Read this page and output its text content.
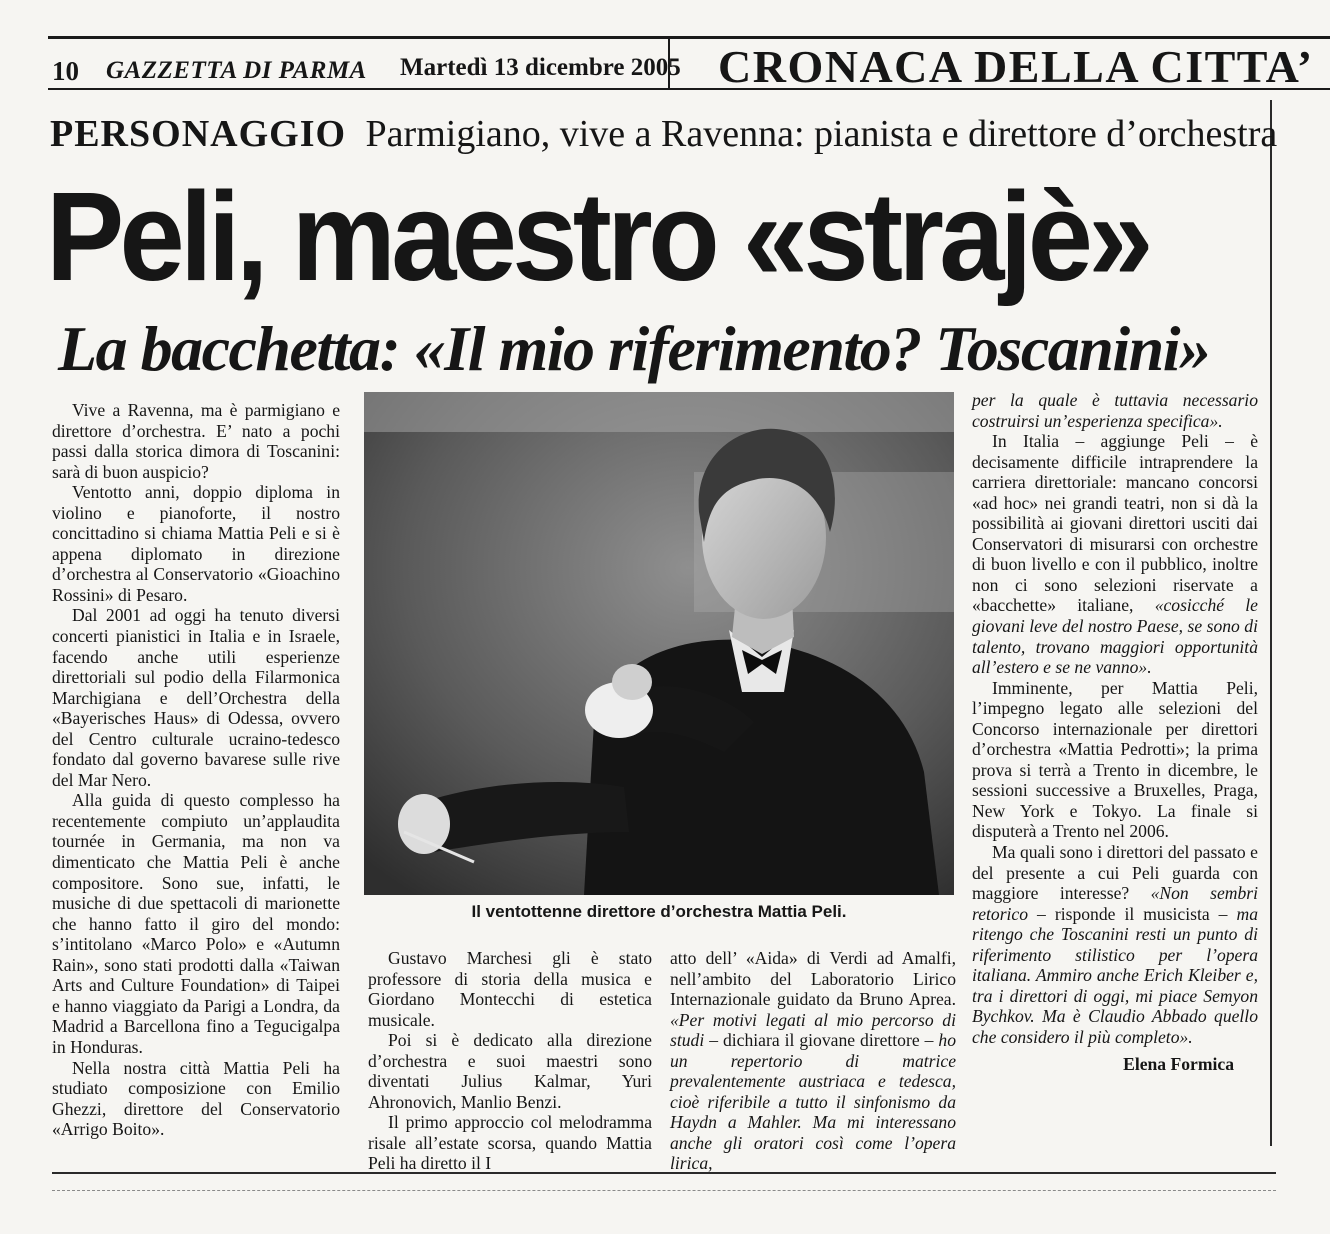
10 GAZZETTA DI PARMA Martedì 13 dicembre 2005 CRONACA DELLA CITTA’
PERSONAGGIO Parmigiano, vive a Ravenna: pianista e direttore d’orchestra
Peli, maestro «strajè»
La bacchetta: «Il mio riferimento? Toscanini»

Vive a Ravenna, ma è parmigiano e direttore d’orchestra. E’ nato a pochi passi dalla storica dimora di Toscanini: sarà di buon auspicio?

Ventotto anni, doppio diploma in violino e pianoforte, il nostro concittadino si chiama Mattia Peli e si è appena diplomato in direzione d’orchestra al Conservatorio «Gioachino Rossini» di Pesaro.

Dal 2001 ad oggi ha tenuto diversi concerti pianistici in Italia e in Israele, facendo anche utili esperienze direttoriali sul podio della Filarmonica Marchigiana e dell’Orchestra della «Bayerisches Haus» di Odessa, ovvero del Centro culturale ucraino-tedesco fondato dal governo bavarese sulle rive del Mar Nero.

Alla guida di questo complesso ha recentemente compiuto un’applaudita tournée in Germania, ma non va dimenticato che Mattia Peli è anche compositore. Sono sue, infatti, le musiche di due spettacoli di marionette che hanno fatto il giro del mondo: s’intitolano «Marco Polo» e «Autumn Rain», sono stati prodotti dalla «Taiwan Arts and Culture Foundation» di Taipei e hanno viaggiato da Parigi a Londra, da Madrid a Barcellona fino a Tegucigalpa in Honduras.

Nella nostra città Mattia Peli ha studiato composizione con Emilio Ghezzi, direttore del Conservatorio «Arrigo Boito».

Il ventottenne direttore d’orchestra Mattia Peli.

Gustavo Marchesi gli è stato professore di storia della musica e Giordano Montecchi di estetica musicale.

Poi si è dedicato alla direzione d’orchestra e suoi maestri sono diventati Julius Kalmar, Yuri Ahronovich, Manlio Benzi.

Il primo approccio col melodramma risale all’estate scorsa, quando Mattia Peli ha diretto il I

atto dell’ «Aida» di Verdi ad Amalfi, nell’ambito del Laboratorio Lirico Internazionale guidato da Bruno Aprea. «Per motivi legati al mio percorso di studi – dichiara il giovane direttore – ho un repertorio di matrice prevalentemente austriaca e tedesca, cioè riferibile a tutto il sinfonismo da Haydn a Mahler. Ma mi interessano anche gli oratori così come l’opera lirica,

per la quale è tuttavia necessario costruirsi un’esperienza specifica».

In Italia – aggiunge Peli – è decisamente difficile intraprendere la carriera direttoriale: mancano concorsi «ad hoc» nei grandi teatri, non si dà la possibilità ai giovani direttori usciti dai Conservatori di misurarsi con orchestre di buon livello e con il pubblico, inoltre non ci sono selezioni riservate a «bacchette» italiane, «cosicché le giovani leve del nostro Paese, se sono di talento, trovano maggiori opportunità all’estero e se ne vanno».

Imminente, per Mattia Peli, l’impegno legato alle selezioni del Concorso internazionale per direttori d’orchestra «Mattia Pedrotti»; la prima prova si terrà a Trento in dicembre, le sessioni successive a Bruxelles, Praga, New York e Tokyo. La finale si disputerà a Trento nel 2006.

Ma quali sono i direttori del passato e del presente a cui Peli guarda con maggiore interesse? «Non sembri retorico – risponde il musicista – ma ritengo che Toscanini resti un punto di riferimento stilistico per l’opera italiana. Ammiro anche Erich Kleiber e, tra i direttori di oggi, mi piace Semyon Bychkov. Ma è Claudio Abbado quello che considero il più completo».

Elena Formica
